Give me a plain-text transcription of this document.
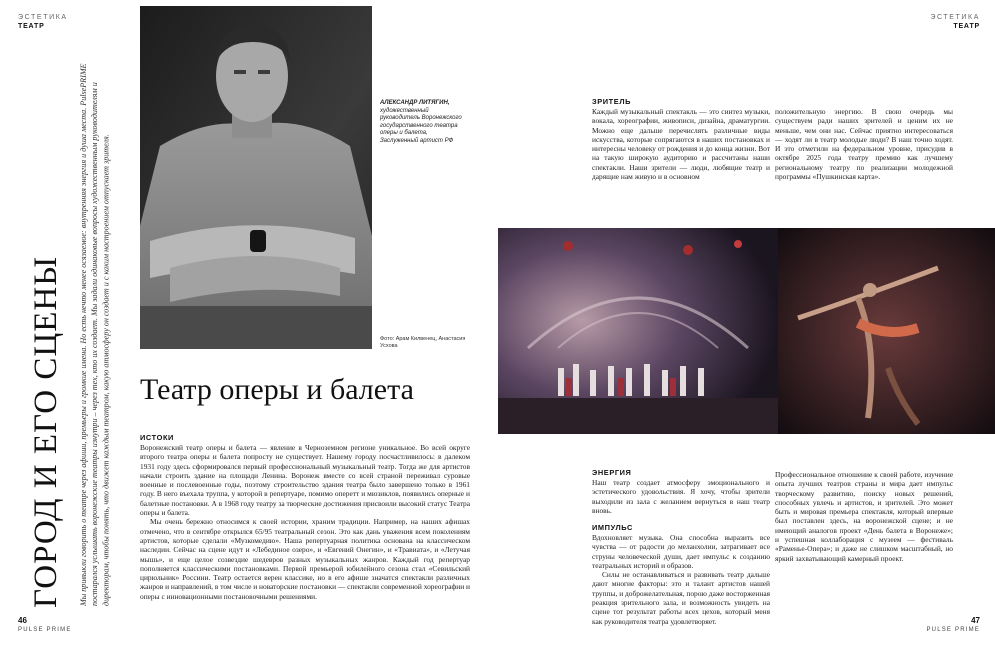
ЭСТЕТИКА
ТЕАТР
ЭСТЕТИКА
ТЕАТР
ГОРОД И ЕГО СЦЕНЫ Мы привыкли говорить о театре через афиши, премьеры и громкие имена. Но есть нечто менее осязаемое: внутренняя энергия и душа места. PulsePRIME постарался услышать воронежские театры изнутри – через тех, кто их создает. Мы задали одинаковые вопросы художественным руководителям и директорам, чтобы понять, что движет каждым театром, какую атмосферу он создает и с каким настроением отпускает зрителя.
АЛЕКСАНДР ЛИТЯГИН,
художественный руководитель Воронежского государственного театра оперы и балета, Заслуженный артист РФ
Фото: Арам Килвенец, Анастасия Усхова
Театр оперы и балета
ИСТОКИ

Воронежский театр оперы и балета — явление в Черноземном регионе уникальное. Во всей округе второго театра оперы и балета попросту не существует. Нашему городу посчастливилось: в далеком 1931 году здесь сформировался первый профессиональный музыкальный театр. Тогда же для артистов начали строить здание на площади Ленина. Воронеж вместе со всей страной переживал суровые военные и послевоенные годы, поэтому строительство здания театра было завершено только в 1961 году. В него въехала труппа, у которой в репертуаре, помимо оперетт и мюзиклов, появились оперные и балетные постановки. А в 1968 году театру за творческие достижения присвоили высокий статус Театра оперы и балета.

Мы очень бережно относимся к своей истории, храним традиции. Например, на наших афишах отмечено, что в сентябре открылся 65/95 театральный сезон. Это как дань уважения всем поколениям артистов, которые сделали «Музкомедию». Наша репертуарная политика основана на классическом наследии. Сейчас на сцене идут и «Лебединое озеро», и «Евгений Онегин», и «Травиата», и «Летучая мышь», и еще целое созвездие шедевров разных музыкальных жанров. Каждый год репертуар пополняется классическими постановками. Первой премьерой юбилейного сезона стал «Севильский цирюльник» Россини. Театр остается верен классике, но в его афише значатся спектакли различных жанров и направлений, в том числе и новаторские постановки — спектакли современной хореографии и оперы с инновационными постановочными решениями.

ЗРИТЕЛЬ

Каждый музыкальный спектакль — это синтез музыки, вокала, хореографии, живописи, дизайна, драматургии. Можно еще дальше перечислять различные виды искусства, которые сопрягаются в наших постановках и интересны человеку от рождения и до конца жизни. Вот на такую широкую аудиторию и рассчитаны наши спектакли. Наши зрители — люди, любящие театр и дарящие нам живую и в основном

положительную энергию. В свою очередь мы существуем ради наших зрителей и ценим их не меньше, чем они нас. Сейчас приятно интересоваться — ходят ли в театр молодые люди? В наш точно ходят. И это отметили на федеральном уровне, присудив в октябре 2025 года театру премию как лучшему региональному театру по реализации молодежной программы «Пушкинская карта».

ЭНЕРГИЯ

Наш театр создает атмосферу эмоционального и эстетического удовольствия. Я хочу, чтобы зрители выходили из зала с желанием вернуться в наш театр вновь.

ИМПУЛЬС

Вдохновляет музыка. Она способна выразить все чувства — от радости до меланхолии, затрагивает все струны человеческой души, дает импульс к созданию театральных историй и образов.

Силы не останавливаться и развивать театр дальше дают многие факторы: это и талант артистов нашей труппы, и доброжелательная, порою даже восторженная реакция зрительного зала, и возможность увидеть на сцене тот результат работы всех цехов, который меня как руководителя театра удовлетворяет.

Профессиональное отношение к своей работе, изучение опыта лучших театров страны и мира дает импульс творческому развитию, поиску новых решений, способных увлечь и артистов, и зрителей. Это может быть и мировая премьера спектакля, который впервые был поставлен здесь, на воронежской сцене; и не имеющий аналогов проект «День балета в Воронеже»; и успешная коллаборация с музеем — фестиваль «Раменье-Опера»; и даже не слишком масштабный, но яркий захватывающий камерный проект.

46
PULSE PRIME
47
PULSE PRIME
